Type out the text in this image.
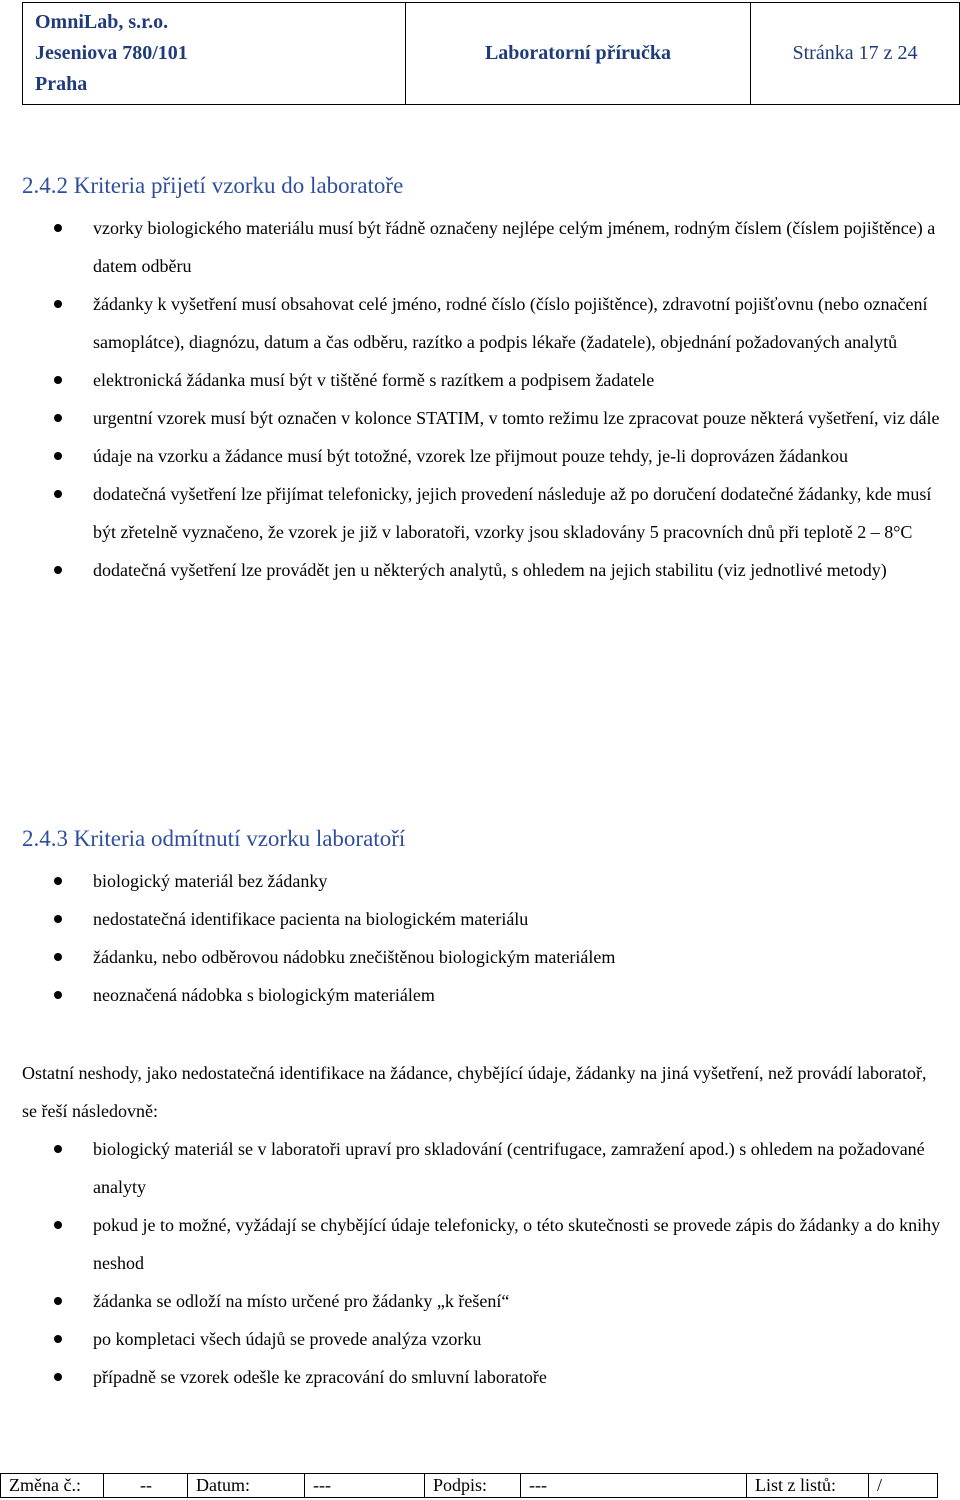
OmniLab, s.r.o.
Jeseniova 780/101
Praha
Laboratorní příručka	Stránka 17 z 24
2.4.2 Kriteria přijetí vzorku do laboratoře
vzorky biologického materiálu musí být řádně označeny nejlépe celým jménem, rodným číslem (číslem pojištěnce) a datem odběru
žádanky k vyšetření musí obsahovat celé jméno, rodné číslo (číslo pojištěnce), zdravotní pojišťovnu (nebo označení samoplátce), diagnózu, datum a čas odběru, razítko a podpis lékaře (žadatele), objednání požadovaných analytů
elektronická žádanka musí být v tištěné formě s razítkem a podpisem žadatele
urgentní vzorek musí být označen v kolonce STATIM, v tomto režimu lze zpracovat pouze některá vyšetření, viz dále
údaje na vzorku a žádance musí být totožné, vzorek lze přijmout pouze tehdy, je-li doprovázen žádankou
dodatečná vyšetření lze přijímat telefonicky, jejich provedení následuje až po doručení dodatečné žádanky, kde musí být zřetelně vyznačeno, že vzorek je již v laboratoři, vzorky jsou skladovány 5 pracovních dnů při teplotě 2 – 8°C
dodatečná vyšetření lze provádět jen u některých analytů, s ohledem na jejich stabilitu (viz jednotlivé metody)
2.4.3 Kriteria odmítnutí vzorku laboratoří
biologický materiál bez žádanky
nedostatečná identifikace pacienta na biologickém materiálu
žádanku, nebo odběrovou nádobku znečištěnou biologickým materiálem
neoznačená nádobka s biologickým materiálem

Ostatní neshody, jako nedostatečná identifikace na žádance, chybějící údaje, žádanky na jiná vyšetření, než provádí laboratoř, se řeší následovně:

biologický materiál se v laboratoři upraví pro skladování (centrifugace, zamražení apod.) s ohledem na požadované analyty
pokud je to možné, vyžádají se chybějící údaje telefonicky, o této skutečnosti se provede zápis do žádanky a do knihy neshod
žádanka se odloží na místo určené pro žádanky „k řešení“
po kompletaci všech údajů se provede analýza vzorku
případně se vzorek odešle ke zpracování do smluvní laboratoře
Změna č.:	--	Datum:	---	Podpis:	---	List z listů:	/
